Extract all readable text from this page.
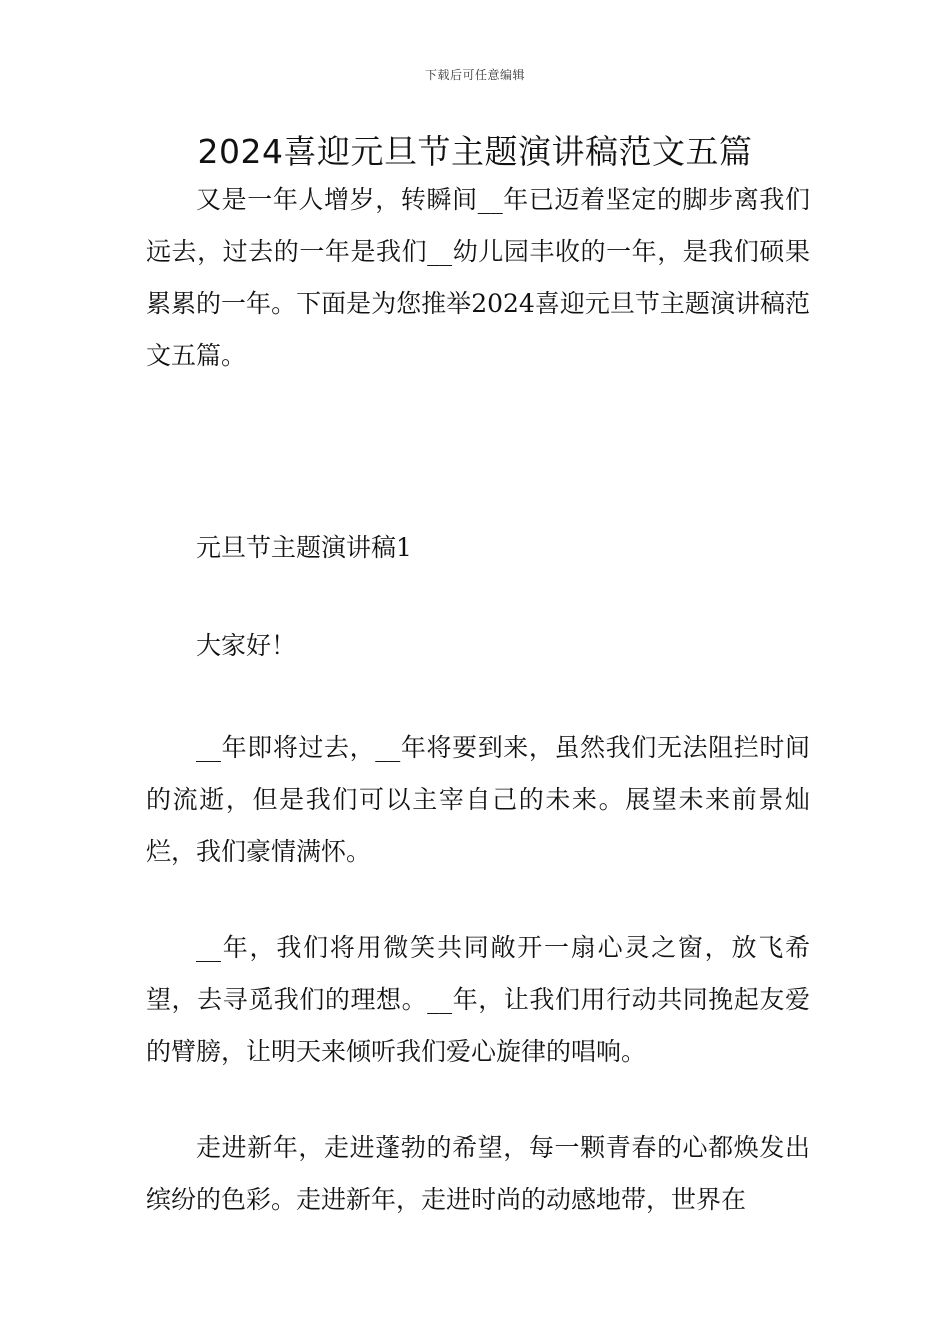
下载后可任意编辑
2024喜迎元旦节主题演讲稿范文五篇

又是一年人增岁，转瞬间__年已迈着坚定的脚步离我们远去，过去的一年是我们__幼儿园丰收的一年，是我们硕果累累的一年。下面是为您推举2024喜迎元旦节主题演讲稿范文五篇。

元旦节主题演讲稿1

大家好！

__年即将过去，__年将要到来，虽然我们无法阻拦时间的流逝，但是我们可以主宰自己的未来。展望未来前景灿烂，我们豪情满怀。

__年，我们将用微笑共同敞开一扇心灵之窗，放飞希望，去寻觅我们的理想。__年，让我们用行动共同挽起友爱的臂膀，让明天来倾听我们爱心旋律的唱响。

走进新年，走进蓬勃的希望，每一颗青春的心都焕发出缤纷的色彩。走进新年，走进时尚的动感地带，世界在
